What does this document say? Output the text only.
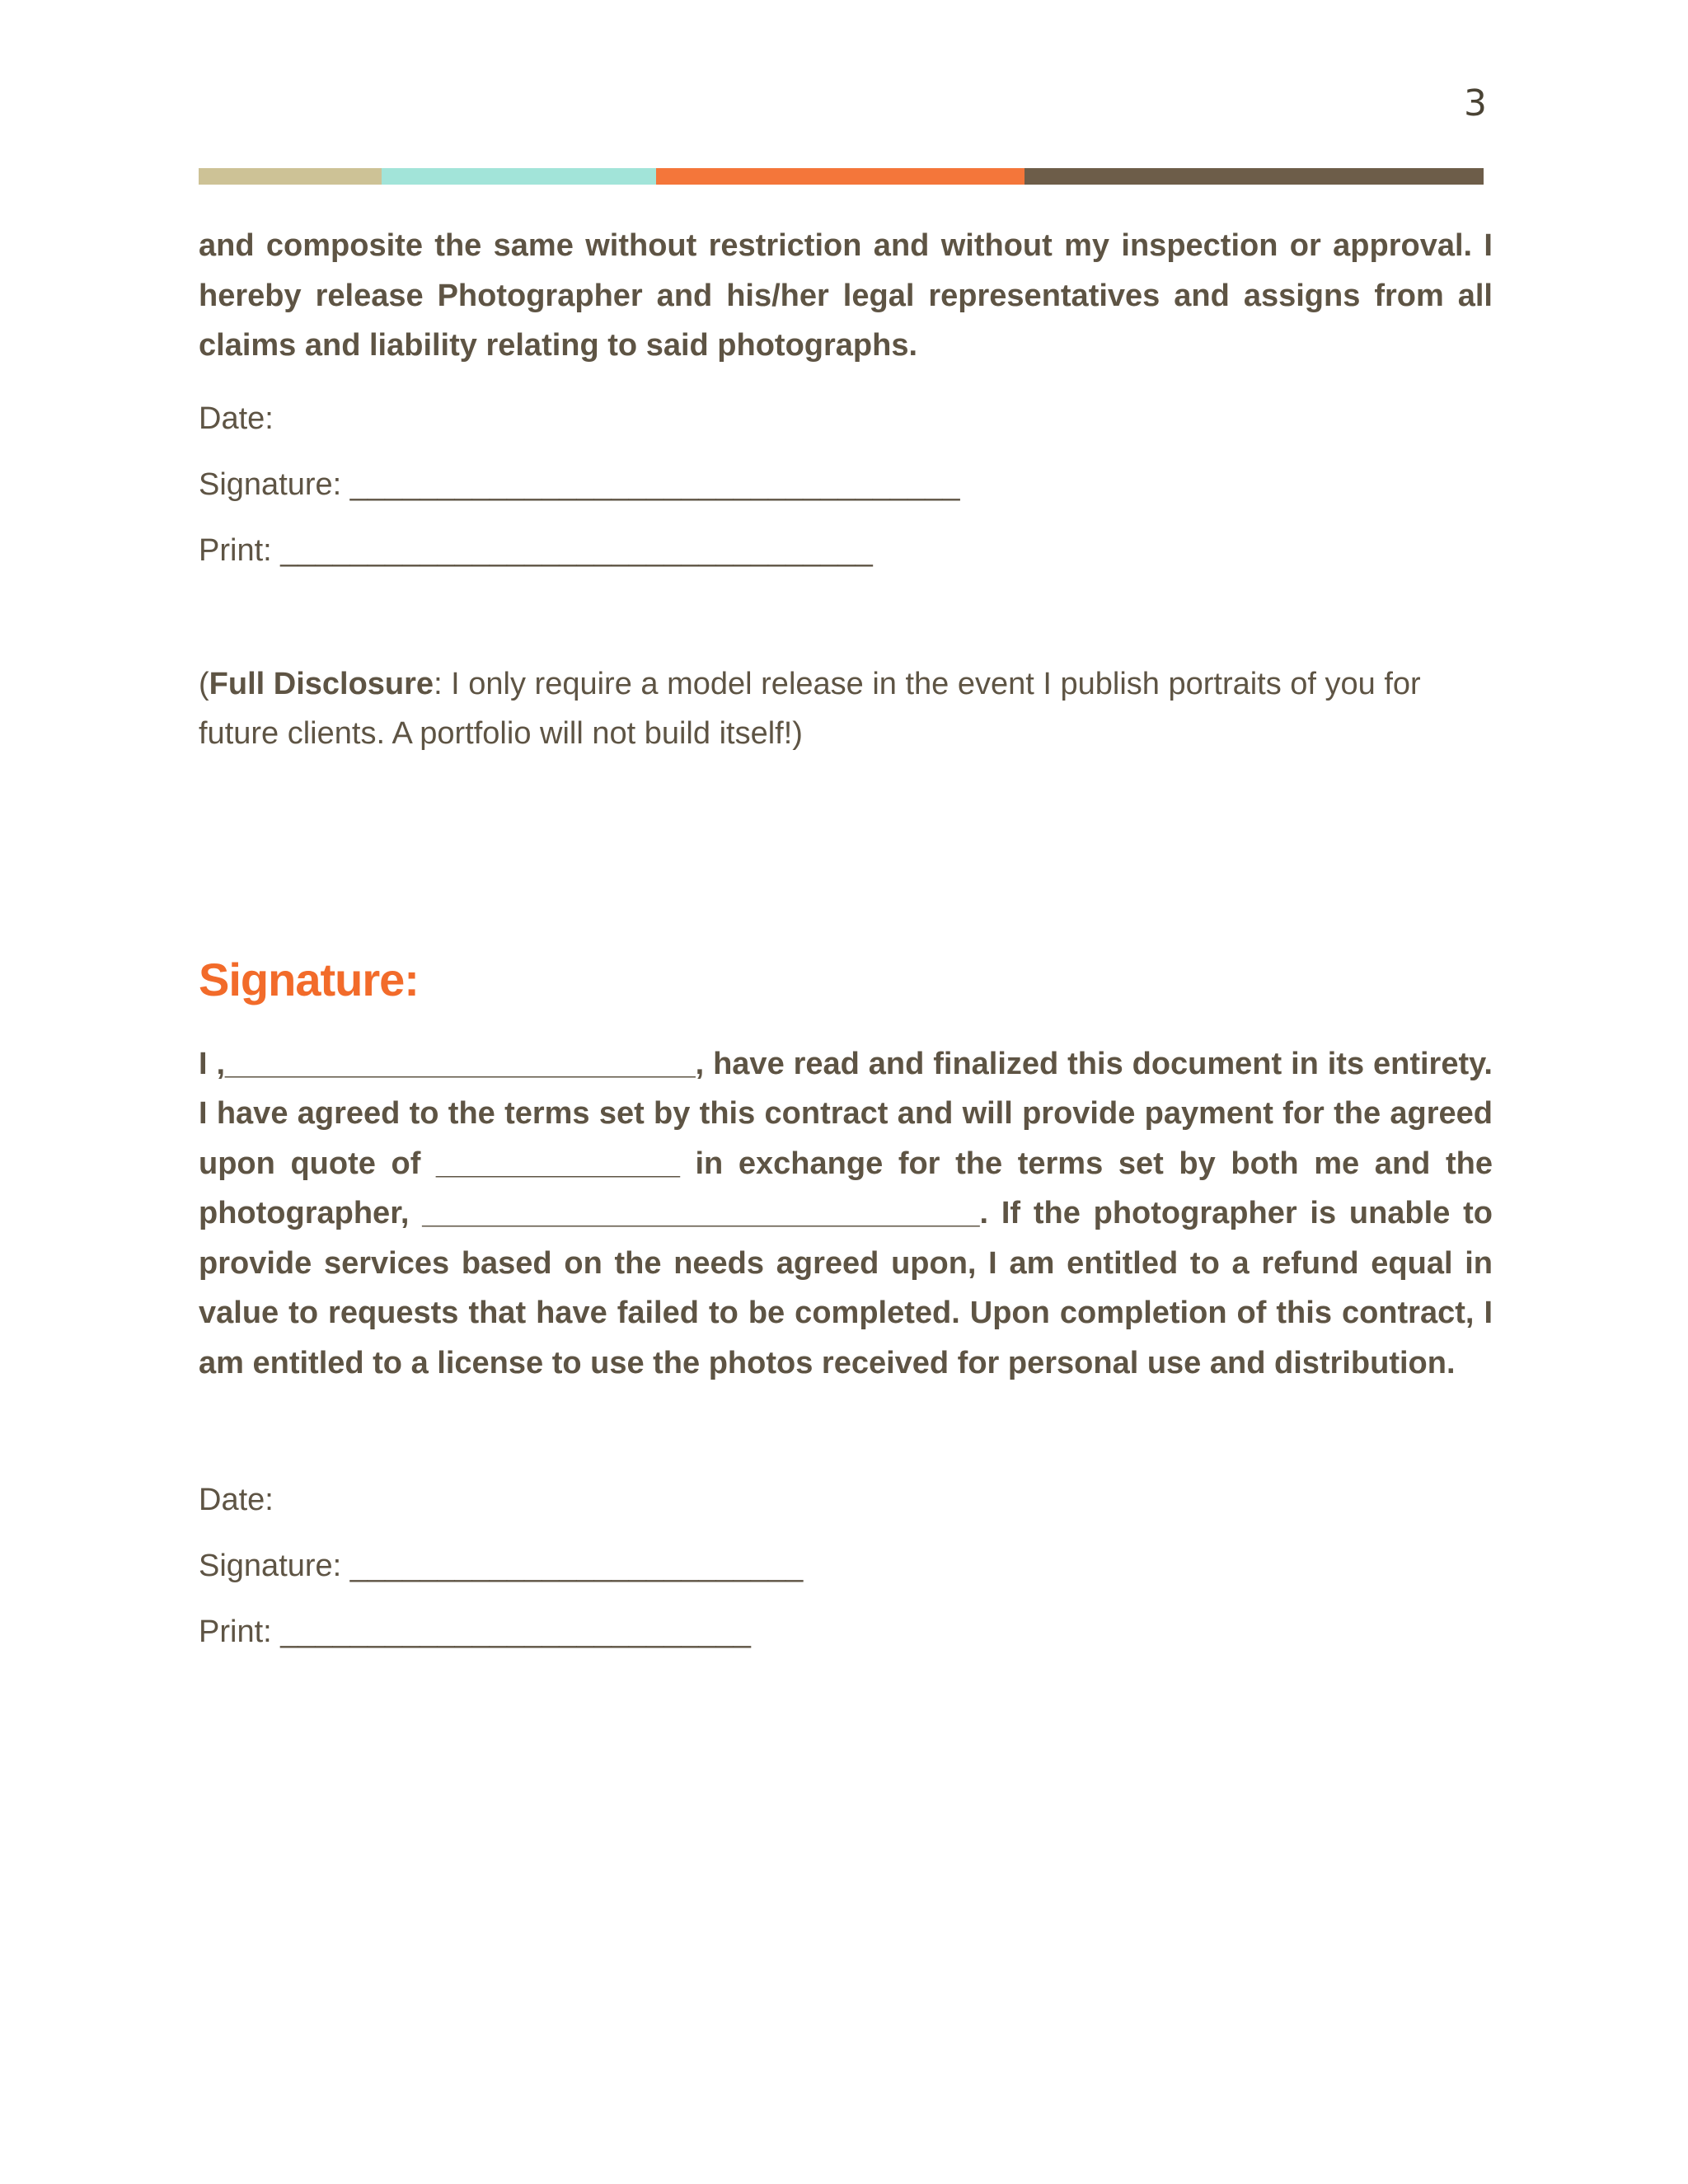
3

and composite the same without restriction and without my inspection or approval. I hereby release Photographer and his/her legal representatives and assigns from all claims and liability relating to said photographs.

Date:

Signature: ___________________________________

Print: __________________________________

(Full Disclosure: I only require a model release in the event I publish portraits of you for future clients. A portfolio will not build itself!)

Signature:

I ,___________________________, have read and finalized this document in its entirety. I have agreed to the terms set by this contract and will provide payment for the agreed upon quote of ______________ in exchange for the terms set by both me and the photographer, ________________________________. If the photographer is unable to provide services based on the needs agreed upon, I am entitled to a refund equal in value to requests that have failed to be completed. Upon completion of this contract, I am entitled to a license to use the photos received for personal use and distribution.

Date:

Signature: __________________________

Print: ___________________________
